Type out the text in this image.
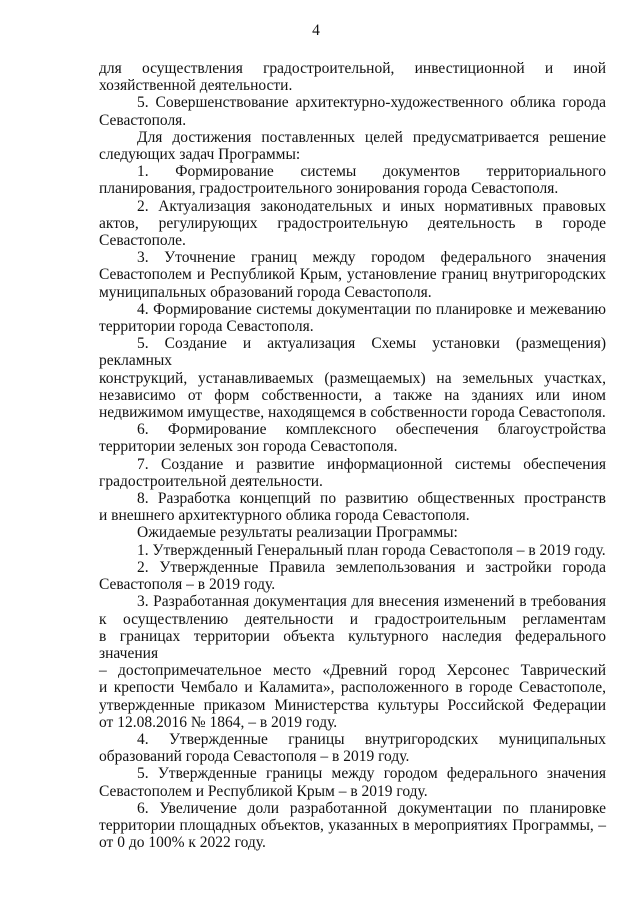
4
для осуществления градостроительной, инвестиционной и иной
хозяйственной деятельности.
5. Совершенствование архитектурно-художественного облика города
Севастополя.
Для достижения поставленных целей предусматривается решение
следующих задач Программы:
1. Формирование системы документов территориального
планирования, градостроительного зонирования города Севастополя.
2. Актуализация законодательных и иных нормативных правовых
актов, регулирующих градостроительную деятельность в городе
Севастополе.
3. Уточнение границ между городом федерального значения
Севастополем и Республикой Крым, установление границ внутригородских
муниципальных образований города Севастополя.
4. Формирование системы документации по планировке и межеванию
территории города Севастополя.
5. Создание и актуализация Схемы установки (размещения) рекламных
конструкций, устанавливаемых (размещаемых) на земельных участках,
независимо от форм собственности, а также на зданиях или ином
недвижимом имуществе, находящемся в собственности города Севастополя.
6. Формирование комплексного обеспечения благоустройства
территории зеленых зон города Севастополя.
7. Создание и развитие информационной системы обеспечения
градостроительной деятельности.
8. Разработка концепций по развитию общественных пространств
и внешнего архитектурного облика города Севастополя.
Ожидаемые результаты реализации Программы:
1. Утвержденный Генеральный план города Севастополя – в 2019 году.
2. Утвержденные Правила землепользования и застройки города
Севастополя – в 2019 году.
3. Разработанная документация для внесения изменений в требования
к осуществлению деятельности и градостроительным регламентам
в границах территории объекта культурного наследия федерального значения
– достопримечательное место «Древний город Херсонес Таврический
и крепости Чембало и Каламита», расположенного в городе Севастополе,
утвержденные приказом Министерства культуры Российской Федерации
от 12.08.2016 № 1864, – в 2019 году.
4. Утвержденные границы внутригородских муниципальных
образований города Севастополя – в 2019 году.
5. Утвержденные границы между городом федерального значения
Севастополем и Республикой Крым – в 2019 году.
6. Увеличение доли разработанной документации по планировке
территории площадных объектов, указанных в мероприятиях Программы, –
от 0 до 100% к 2022 году.
